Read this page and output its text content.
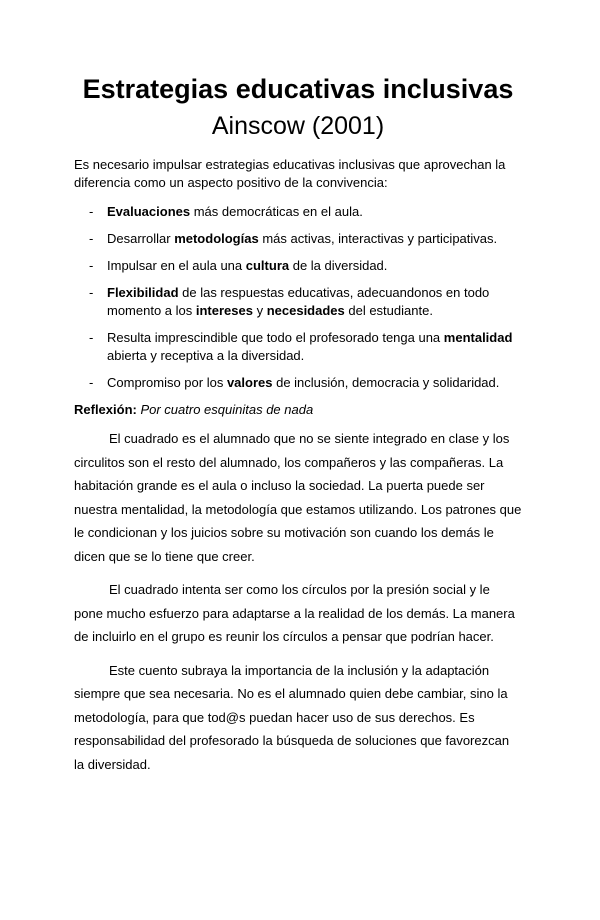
Estrategias educativas inclusivas
Ainscow (2001)

Es necesario impulsar estrategias educativas inclusivas que aprovechan la diferencia como un aspecto positivo de la convivencia:

- Evaluaciones más democráticas en el aula.
- Desarrollar metodologías más activas, interactivas y participativas.
- Impulsar en el aula una cultura de la diversidad.
- Flexibilidad de las respuestas educativas, adecuandonos en todo momento a los intereses y necesidades del estudiante.
- Resulta imprescindible que todo el profesorado tenga una mentalidad abierta y receptiva a la diversidad.
- Compromiso por los valores de inclusión, democracia y solidaridad.

Reflexión: Por cuatro esquinitas de nada

El cuadrado es el alumnado que no se siente integrado en clase y los circulitos son el resto del alumnado, los compañeros y las compañeras. La habitación grande es el aula o incluso la sociedad. La puerta puede ser nuestra mentalidad, la metodología que estamos utilizando. Los patrones que le condicionan y los juicios sobre su motivación son cuando los demás le dicen que se lo tiene que creer.

El cuadrado intenta ser como los círculos por la presión social y le pone mucho esfuerzo para adaptarse a la realidad de los demás. La manera de incluirlo en el grupo es reunir los círculos a pensar que podrían hacer.

Este cuento subraya la importancia de la inclusión y la adaptación siempre que sea necesaria. No es el alumnado quien debe cambiar, sino la metodología, para que tod@s puedan hacer uso de sus derechos. Es responsabilidad del profesorado la búsqueda de soluciones que favorezcan la diversidad.
